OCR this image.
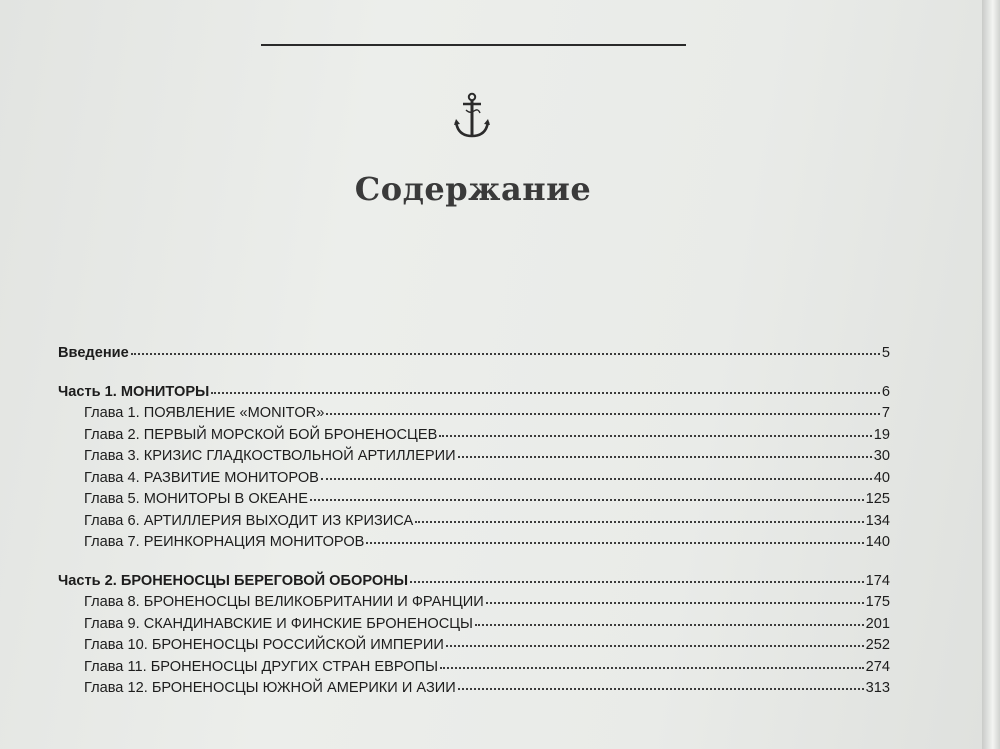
Содержание
Введение	5
Часть 1. МОНИТОРЫ	6
Глава 1. ПОЯВЛЕНИЕ «MONITOR»	7
Глава 2. ПЕРВЫЙ МОРСКОЙ БОЙ БРОНЕНОСЦЕВ	19
Глава 3. КРИЗИС ГЛАДКОСТВОЛЬНОЙ АРТИЛЛЕРИИ	30
Глава 4. РАЗВИТИЕ МОНИТОРОВ	40
Глава 5. МОНИТОРЫ В ОКЕАНЕ	125
Глава 6. АРТИЛЛЕРИЯ ВЫХОДИТ ИЗ КРИЗИСА	134
Глава 7. РЕИНКОРНАЦИЯ МОНИТОРОВ	140
Часть 2. БРОНЕНОСЦЫ БЕРЕГОВОЙ ОБОРОНЫ	174
Глава 8. БРОНЕНОСЦЫ ВЕЛИКОБРИТАНИИ И ФРАНЦИИ	175
Глава 9. СКАНДИНАВСКИЕ И ФИНСКИЕ БРОНЕНОСЦЫ	201
Глава 10. БРОНЕНОСЦЫ РОССИЙСКОЙ ИМПЕРИИ	252
Глава 11. БРОНЕНОСЦЫ ДРУГИХ СТРАН ЕВРОПЫ	274
Глава 12. БРОНЕНОСЦЫ ЮЖНОЙ АМЕРИКИ И АЗИИ	313
